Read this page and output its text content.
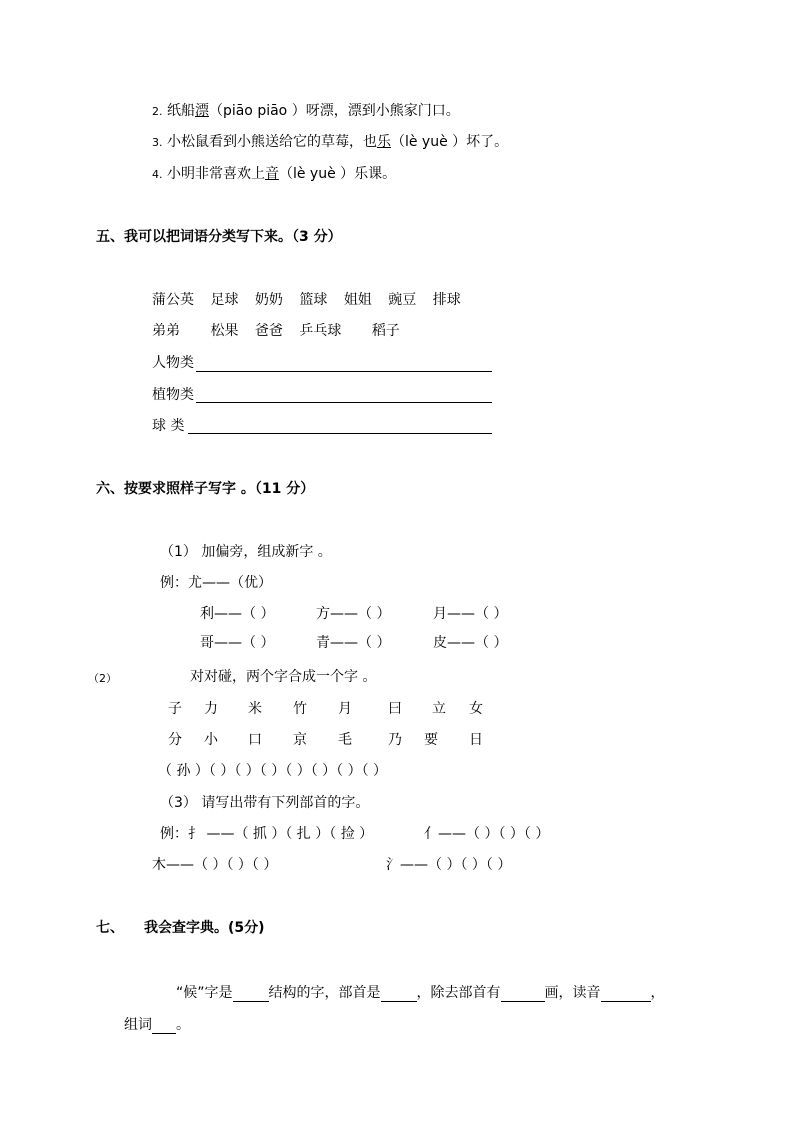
2. 纸船漂（piāo piāo ）呀漂，漂到小熊家门口。
3. 小松鼠看到小熊送给它的草莓，也乐（lè yuè ）坏了。
4. 小明非常喜欢上音（lè yuè ）乐课。
五、我可以把词语分类写下来。（3 分）
蒲公英 足球 奶奶 篮球 姐姐 豌豆 排球
弟弟 松果 爸爸 乒乓球 稻子
人物类
植物类
球 类
六、按要求照样子写字 。（11 分）
（1） 加偏旁，组成新字 。
例：尤——（优）
利——（ ）	方——（ ）	月——（ ）
哥——（ ）	青——（ ）	皮——（ ）
（2）	对对碰，两个字合成一个字 。
子 力 米 竹 月	曰 立 女
分 小 口 京 毛	乃 要 日
（ 孙 ）（ ）（ ）（ ）（ ）（ ）（ ）（ ）
（3） 请写出带有下列部首的字。
例：扌 ——（ 抓 ）（ 扎 ）（ 捡 ）	亻——（ ）（ ）（ ）
木——（ ）（ ）（ ）	氵——（ ）（ ）（ ）
七、 我会查字典。(5分)
“候”字是	结构的字，部首是	，除去部首有	画，读音	，
组词 。
